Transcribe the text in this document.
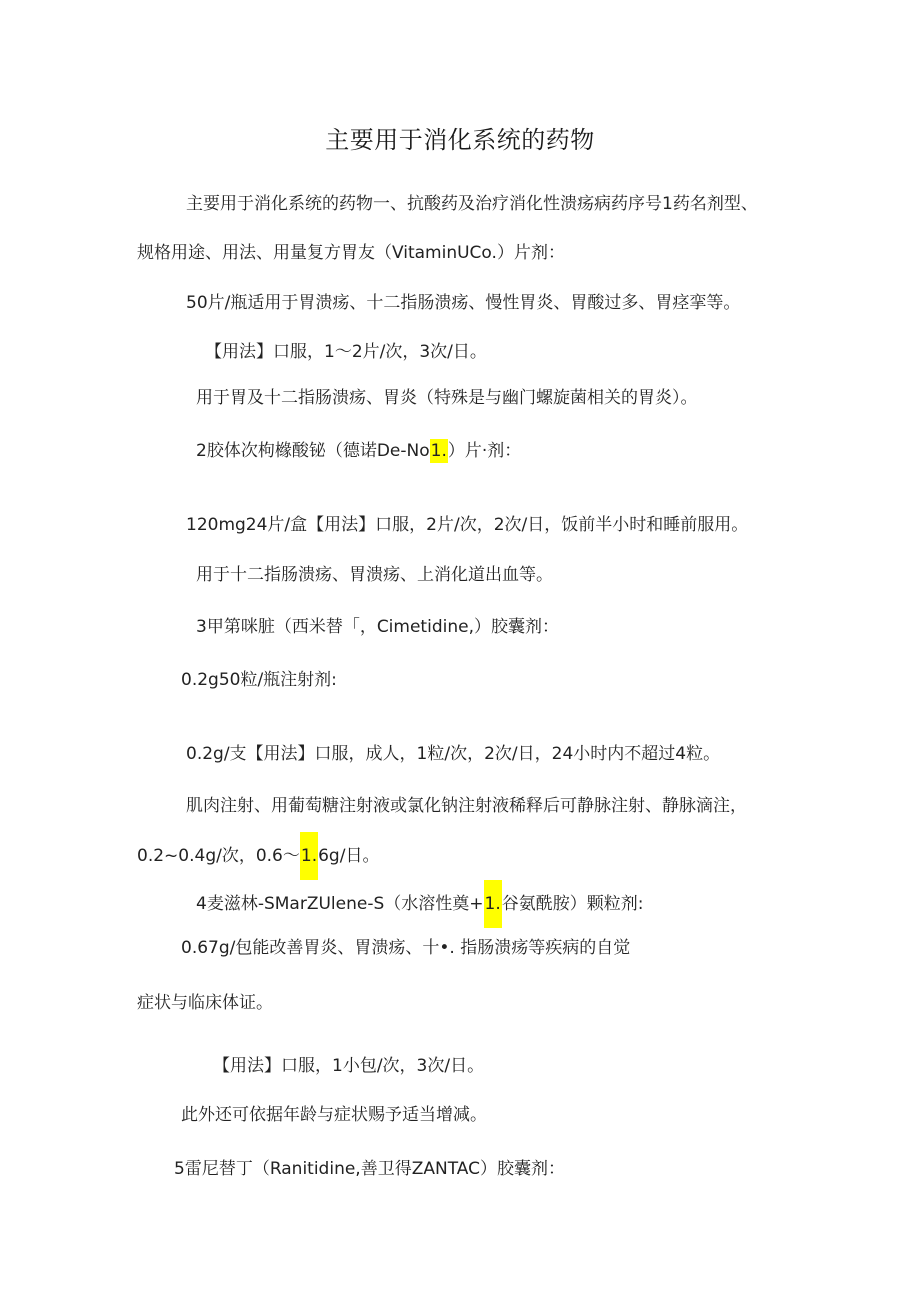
主要用于消化系统的药物
主要用于消化系统的药物一、抗酸药及治疗消化性溃疡病药序号1药名剂型、
规格用途、用法、用量复方胃友（VitaminUCo.）片剂：
50片/瓶适用于胃溃疡、十二指肠溃疡、慢性胃炎、胃酸过多、胃痉挛等。
【用法】口服，1～2片/次，3次/日。
用于胃及十二指肠溃疡、胃炎（特殊是与幽门螺旋菌相关的胃炎）。
2胶体次枸橼酸铋（德诺De-No1.）片·剂：
120mg24片/盒【用法】口服，2片/次，2次/日，饭前半小时和睡前服用。
用于十二指肠溃疡、胃溃疡、上消化道出血等。
3甲第咪脏（西米替「，Cimetidine,）胶囊剂：
0.2g50粒/瓶注射剂:
0.2g∕支【用法】口服，成人，1粒/次，2次/日，24小时内不超过4粒。
肌肉注射、用葡萄糖注射液或氯化钠注射液稀释后可静脉注射、静脉滴注，
0.2~0.4g∕次，0.6～1.6g∕日。
4麦滋林-SMarZUlene-S（水溶性奠+1.谷氨酰胺）颗粒剂:
0.67g∕包能改善胃炎、胃溃疡、十•. 指肠溃疡等疾病的自觉
症状与临床体证。
【用法】口服，1小包/次，3次/日。
此外还可依据年龄与症状赐予适当增减。
5雷尼替丁（Ranitidine,善卫得ZANTAC）胶囊剂：
